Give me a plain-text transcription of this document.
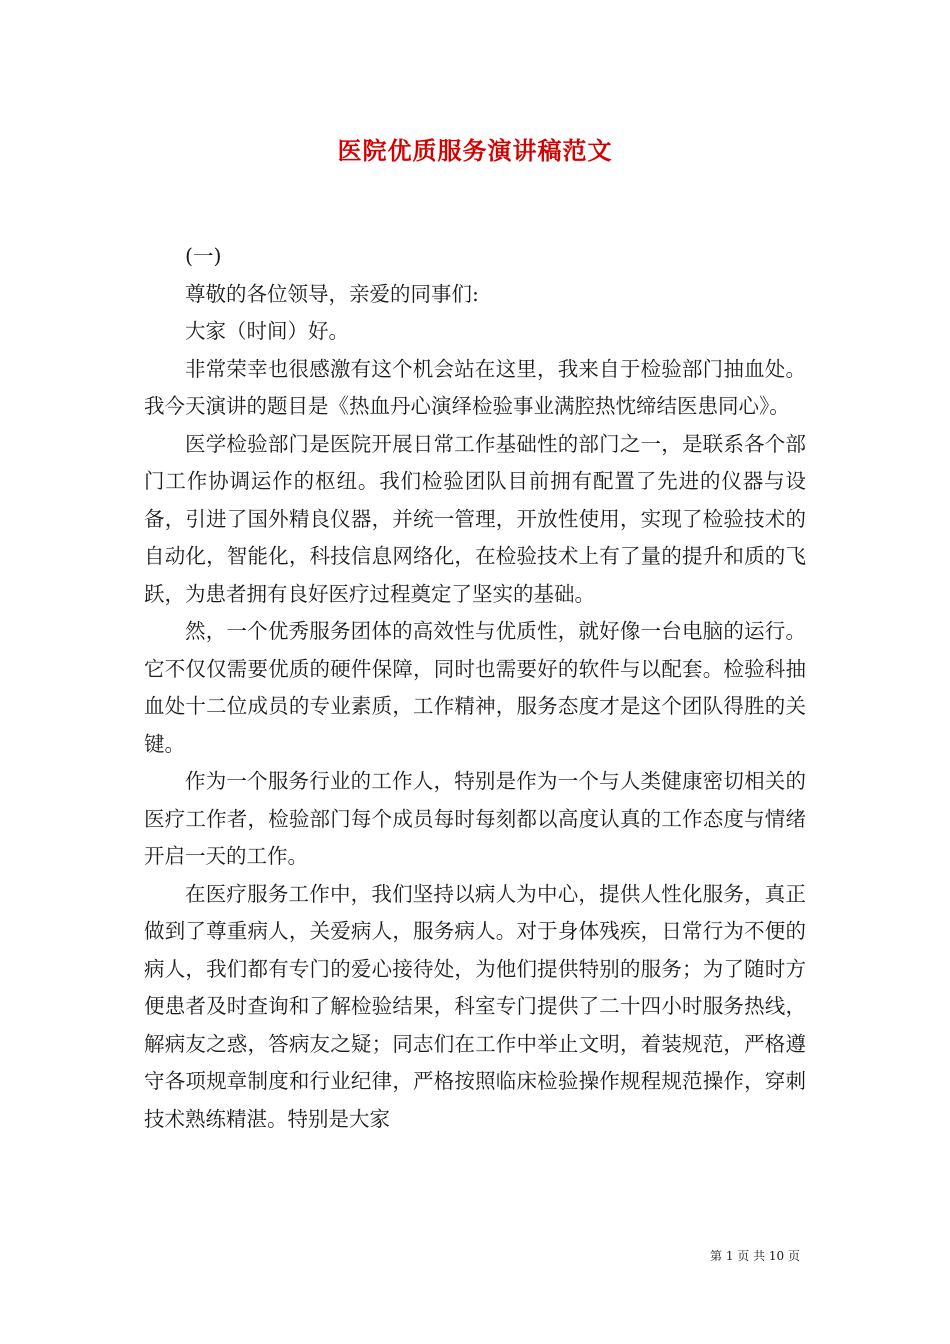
医院优质服务演讲稿范文

(一)

尊敬的各位领导，亲爱的同事们:

大家（时间）好。

非常荣幸也很感激有这个机会站在这里，我来自于检验部门抽血处。我今天演讲的题目是《热血丹心演绎检验事业满腔热忱缔结医患同心》。

医学检验部门是医院开展日常工作基础性的部门之一，是联系各个部门工作协调运作的枢纽。我们检验团队目前拥有配置了先进的仪器与设备，引进了国外精良仪器，并统一管理，开放性使用，实现了检验技术的自动化，智能化，科技信息网络化，在检验技术上有了量的提升和质的飞跃，为患者拥有良好医疗过程奠定了坚实的基础。

然，一个优秀服务团体的高效性与优质性，就好像一台电脑的运行。它不仅仅需要优质的硬件保障，同时也需要好的软件与以配套。检验科抽血处十二位成员的专业素质，工作精神，服务态度才是这个团队得胜的关键。

作为一个服务行业的工作人，特别是作为一个与人类健康密切相关的医疗工作者，检验部门每个成员每时每刻都以高度认真的工作态度与情绪开启一天的工作。

在医疗服务工作中，我们坚持以病人为中心，提供人性化服务，真正做到了尊重病人，关爱病人，服务病人。对于身体残疾，日常行为不便的病人，我们都有专门的爱心接待处，为他们提供特别的服务；为了随时方便患者及时查询和了解检验结果，科室专门提供了二十四小时服务热线，解病友之惑，答病友之疑；同志们在工作中举止文明，着装规范，严格遵守各项规章制度和行业纪律，严格按照临床检验操作规程规范操作，穿刺技术熟练精湛。特别是大家

第 1 页 共 10 页
